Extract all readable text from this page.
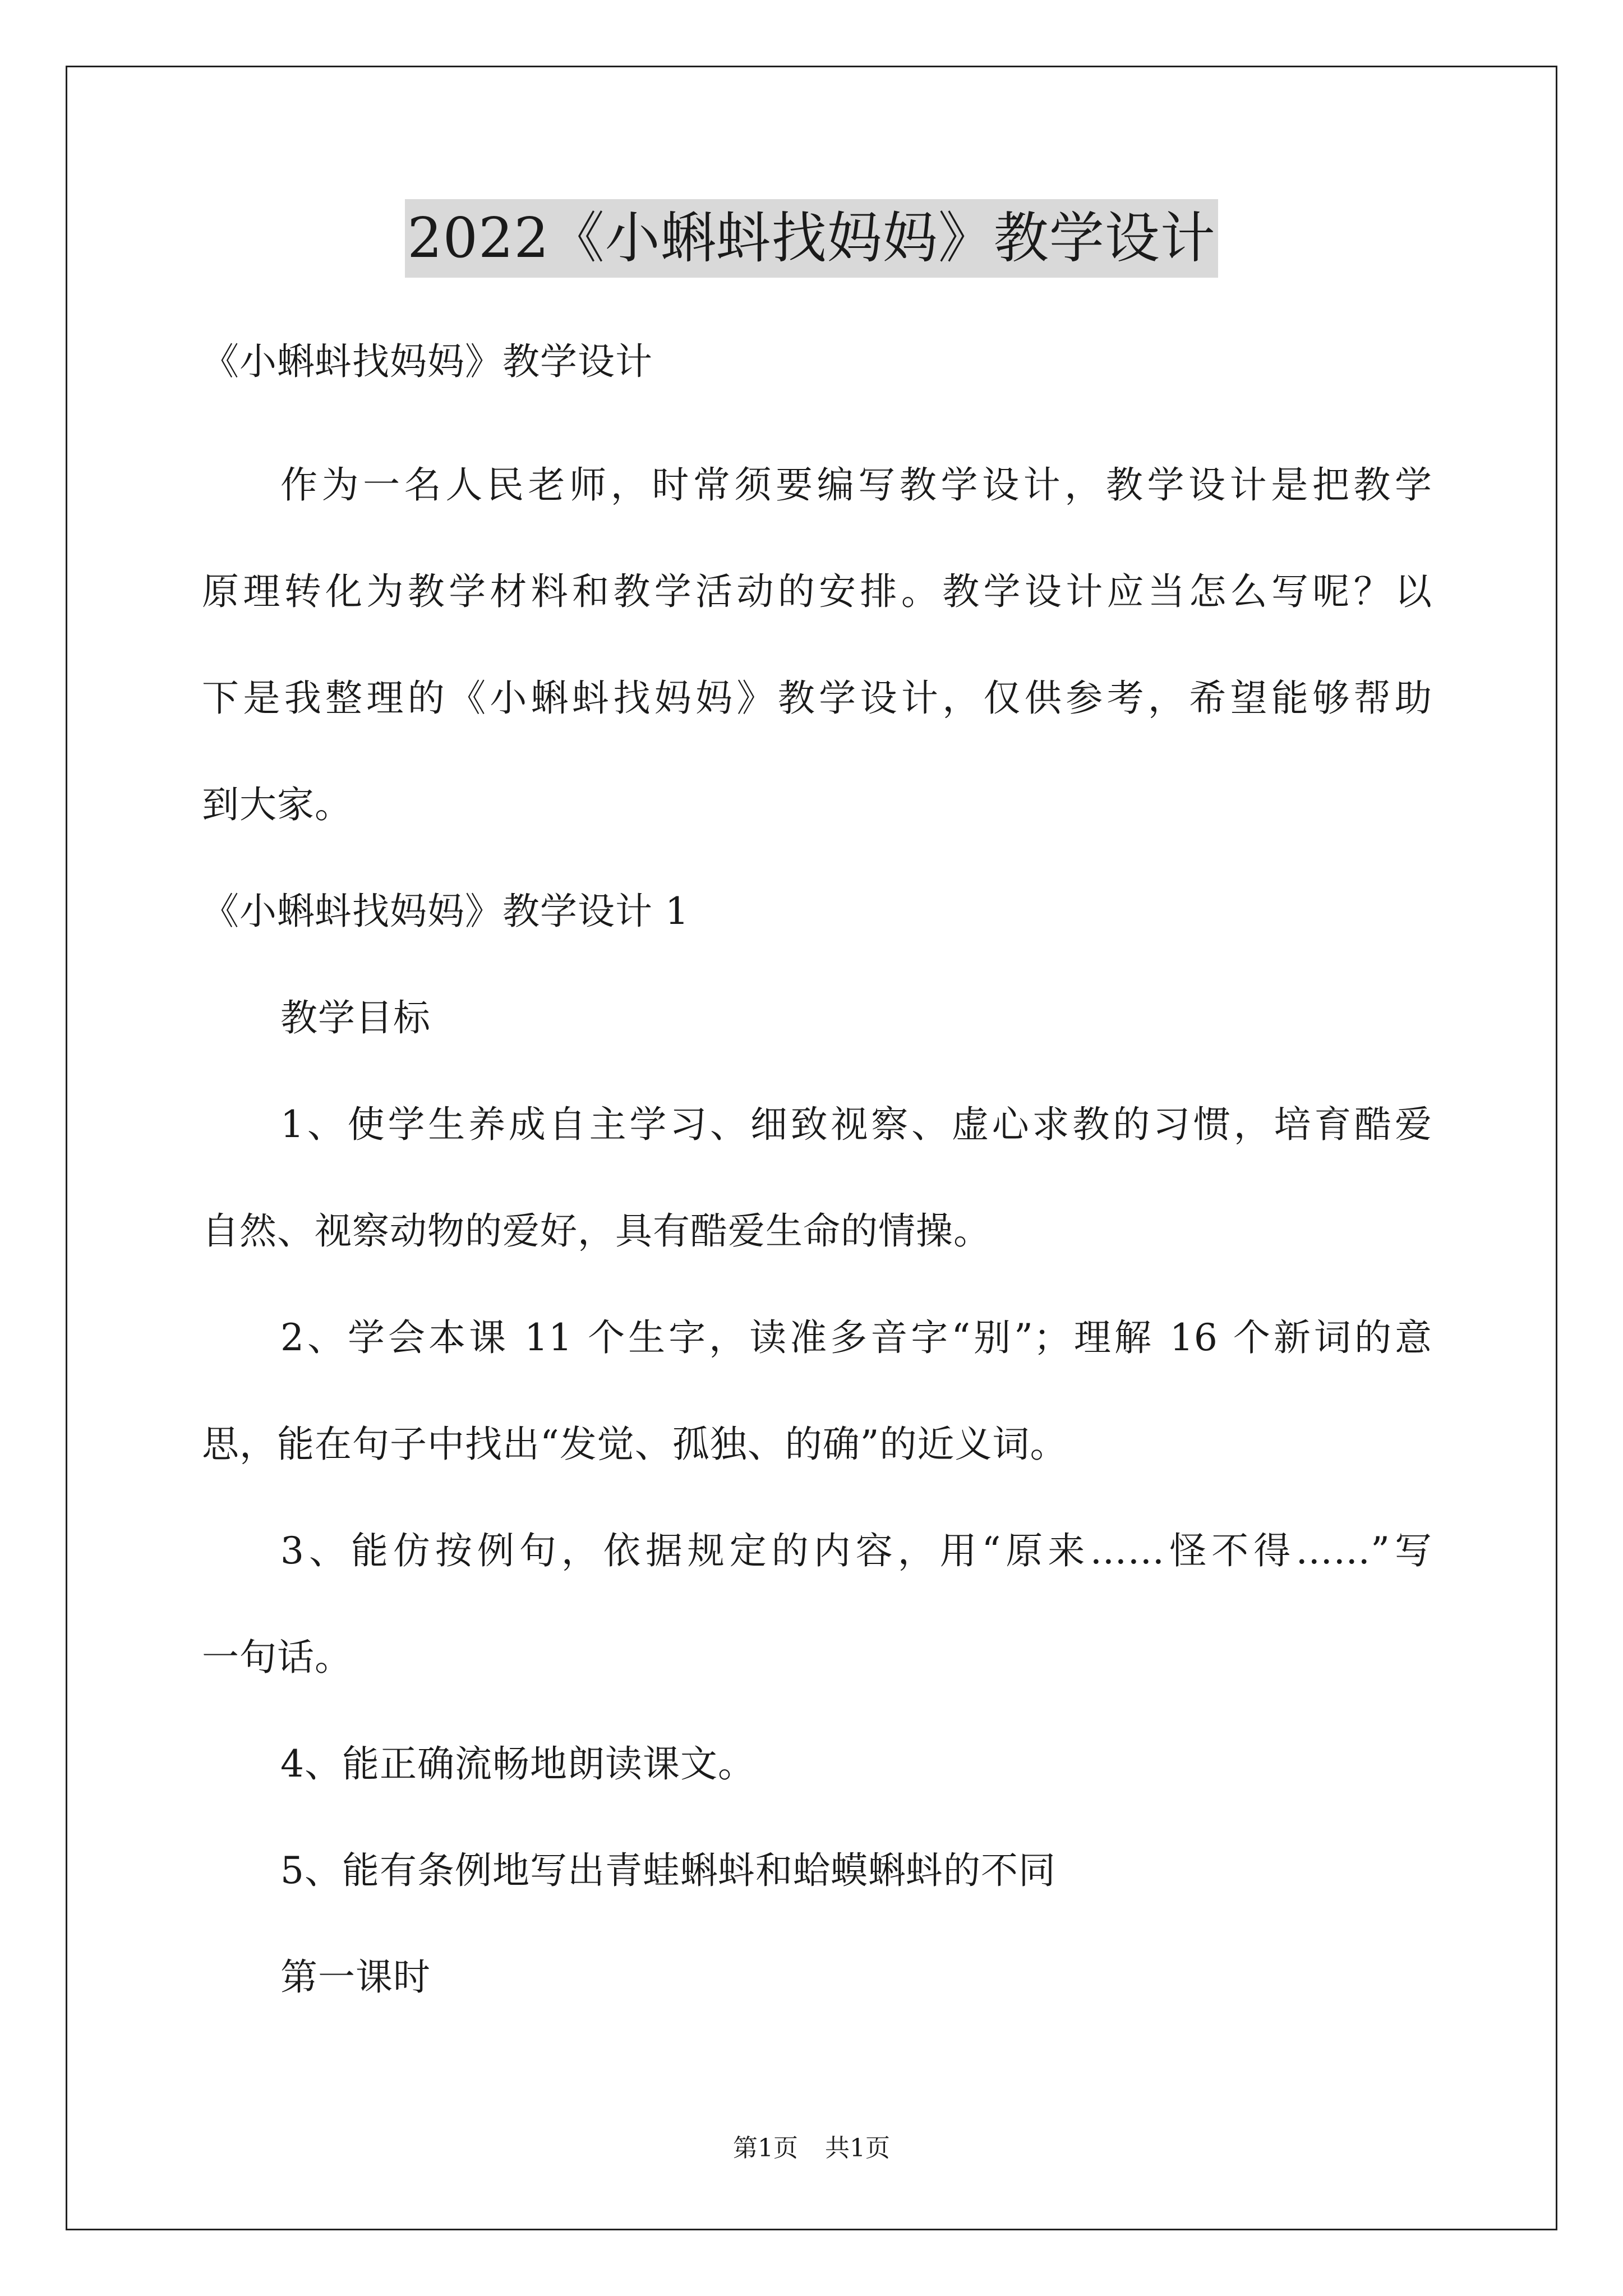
2022《小蝌蚪找妈妈》教学设计
《小蝌蚪找妈妈》教学设计
作为一名人民老师，时常须要编写教学设计，教学设计是把教学
原理转化为教学材料和教学活动的安排。教学设计应当怎么写呢？以
下是我整理的《小蝌蚪找妈妈》教学设计，仅供参考，希望能够帮助
到大家。
《小蝌蚪找妈妈》教学设计 1
教学目标
1、使学生养成自主学习、细致视察、虚心求教的习惯，培育酷爱
自然、视察动物的爱好，具有酷爱生命的情操。
2、学会本课 11 个生字，读准多音字“别”；理解 16 个新词的意
思，能在句子中找出“发觉、孤独、的确”的近义词。
3、能仿按例句，依据规定的内容，用“原来……怪不得……”写
一句话。
4、能正确流畅地朗读课文。
5、能有条例地写出青蛙蝌蚪和蛤蟆蝌蚪的不同
第一课时
第1页 共1页
